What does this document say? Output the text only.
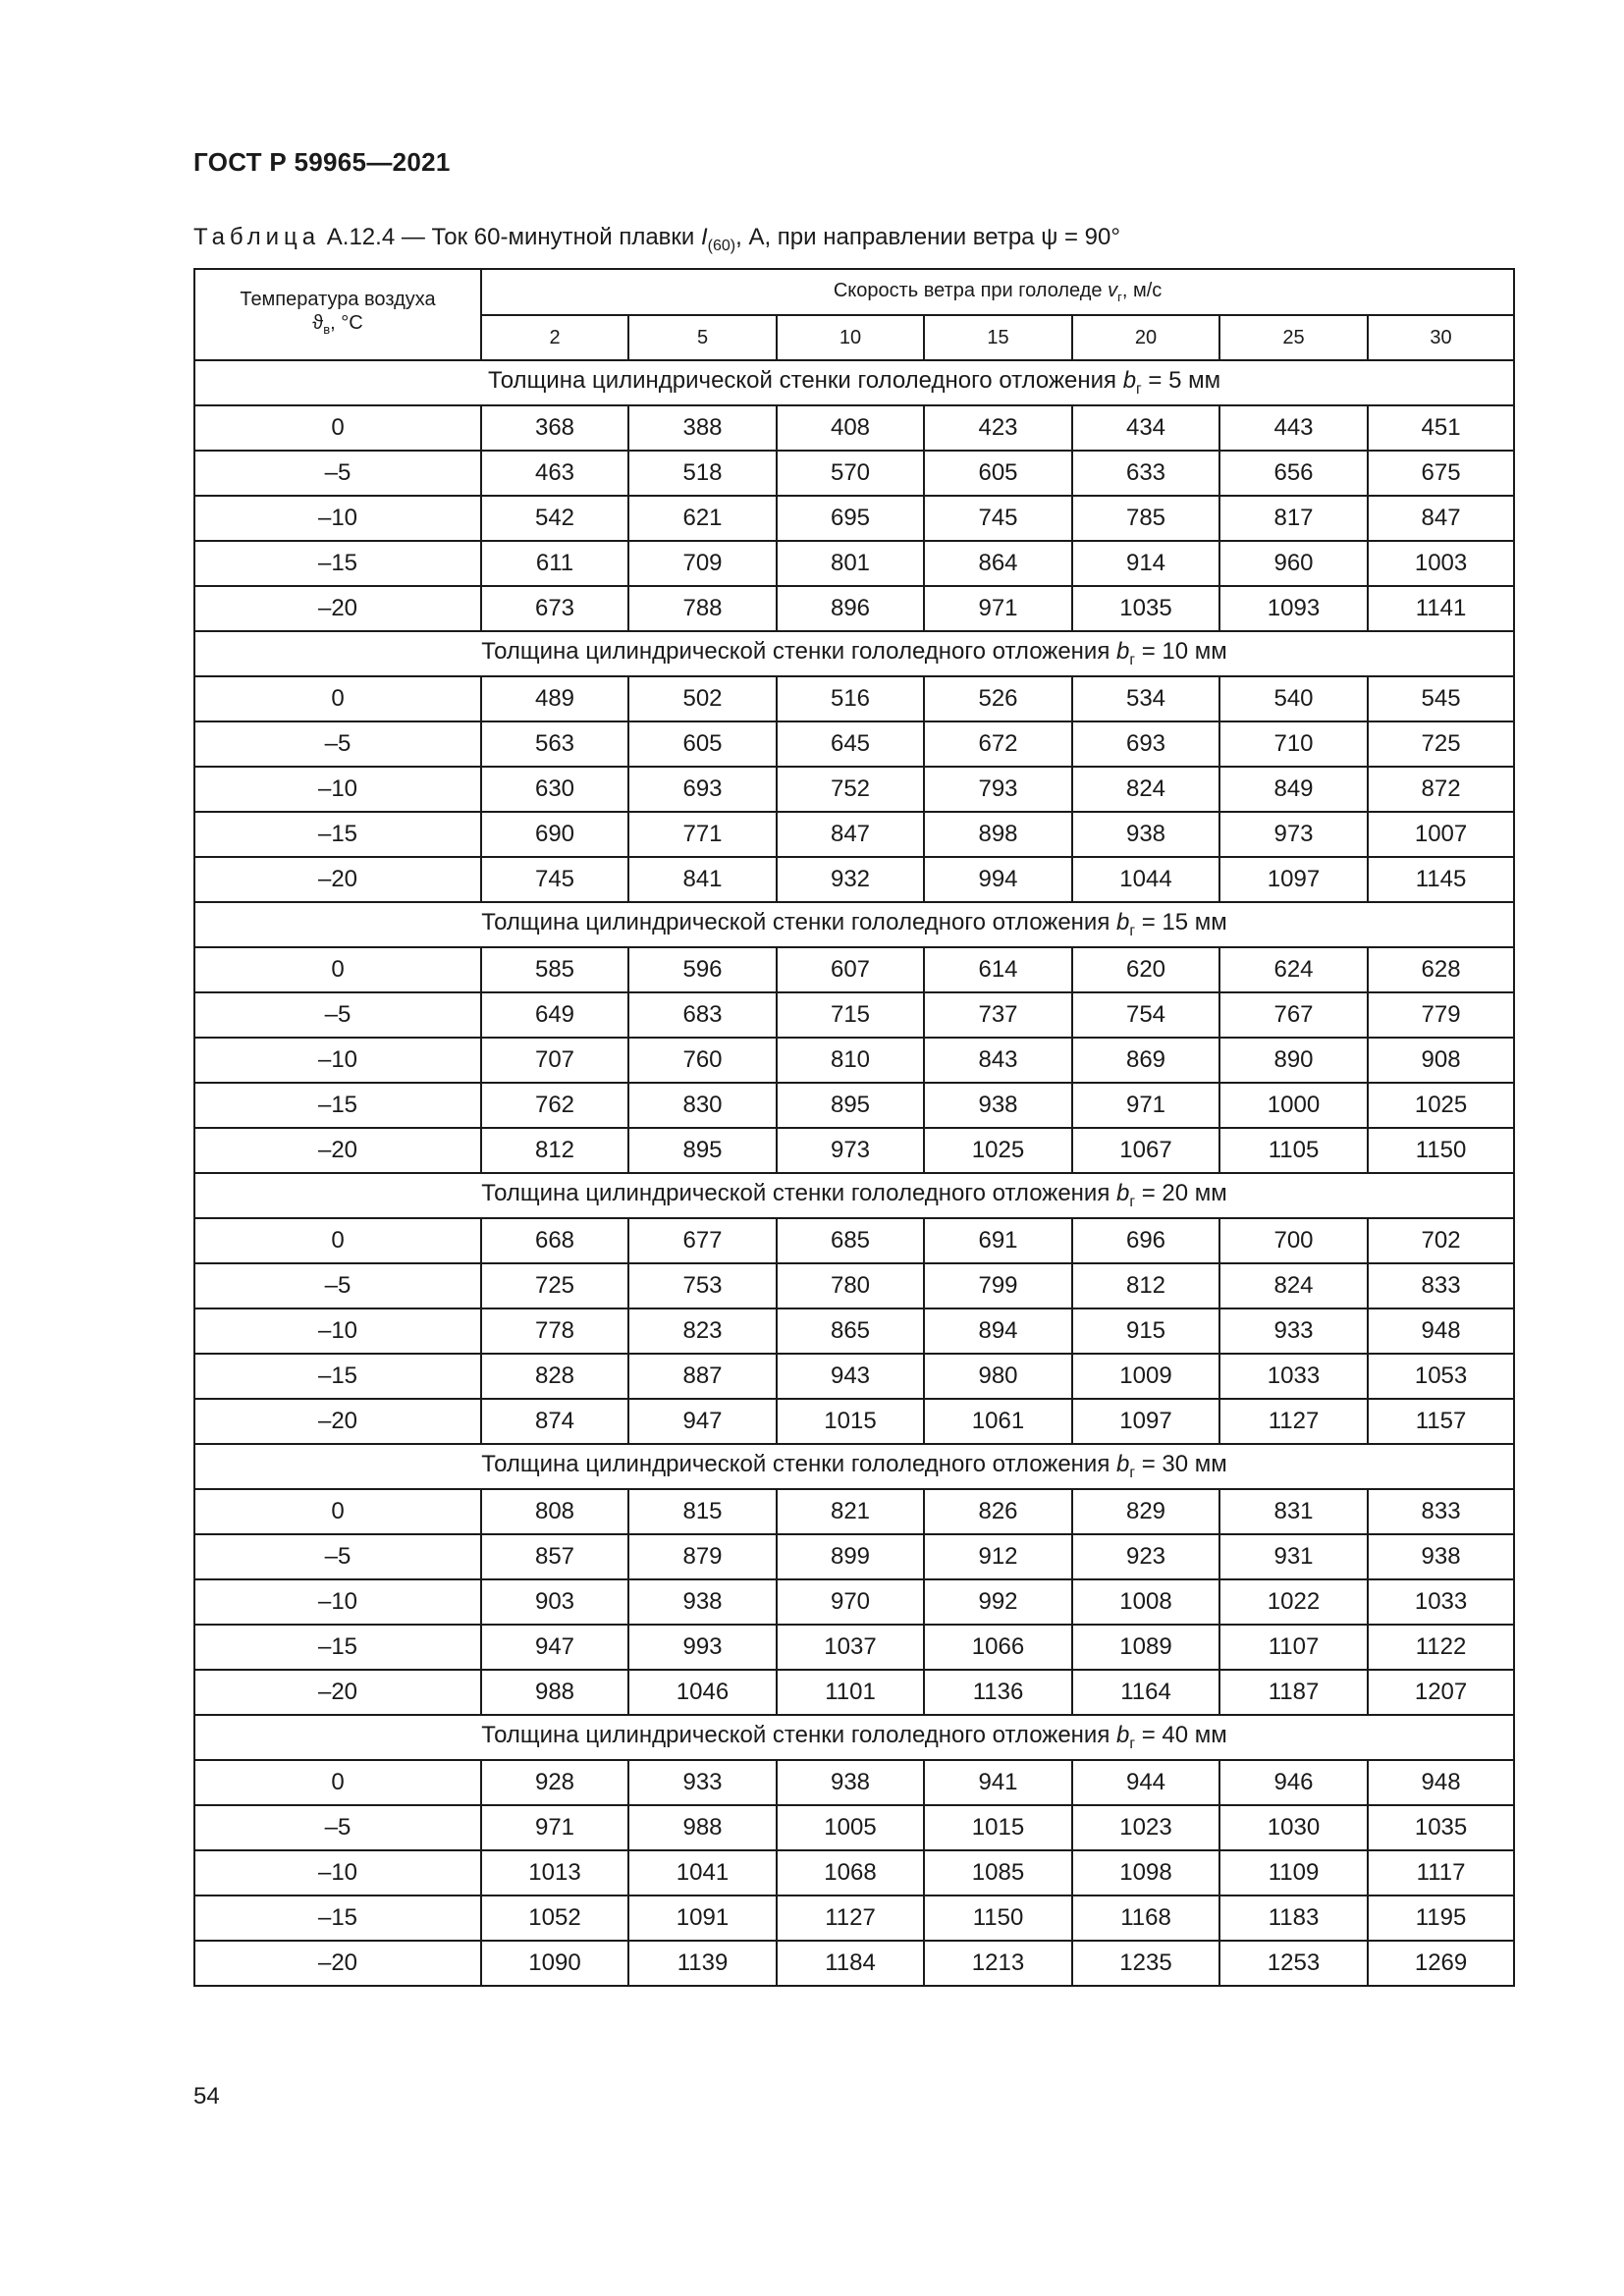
ГОСТ Р 59965—2021
Таблица А.12.4 — Ток 60-минутной плавки $I_{(60)}$, А, при направлении ветра ψ = 90°
Температура воздуха
$ϑ_в$, °С	Скорость ветра при гололеде $v_г$, м/с						
	2	5	10	15	20	25	30
Толщина цилиндрической стенки гололедного отложения $b_г = 5$ мм							
0	368	388	408	423	434	443	451
–5	463	518	570	605	633	656	675
–10	542	621	695	745	785	817	847
–15	611	709	801	864	914	960	1003
–20	673	788	896	971	1035	1093	1141
Толщина цилиндрической стенки гололедного отложения $b_г = 10$ мм							
0	489	502	516	526	534	540	545
–5	563	605	645	672	693	710	725
–10	630	693	752	793	824	849	872
–15	690	771	847	898	938	973	1007
–20	745	841	932	994	1044	1097	1145
Толщина цилиндрической стенки гололедного отложения $b_г = 15$ мм							
0	585	596	607	614	620	624	628
–5	649	683	715	737	754	767	779
–10	707	760	810	843	869	890	908
–15	762	830	895	938	971	1000	1025
–20	812	895	973	1025	1067	1105	1150
Толщина цилиндрической стенки гололедного отложения $b_г = 20$ мм							
0	668	677	685	691	696	700	702
–5	725	753	780	799	812	824	833
–10	778	823	865	894	915	933	948
–15	828	887	943	980	1009	1033	1053
–20	874	947	1015	1061	1097	1127	1157
Толщина цилиндрической стенки гололедного отложения $b_г = 30$ мм							
0	808	815	821	826	829	831	833
–5	857	879	899	912	923	931	938
–10	903	938	970	992	1008	1022	1033
–15	947	993	1037	1066	1089	1107	1122
–20	988	1046	1101	1136	1164	1187	1207
Толщина цилиндрической стенки гололедного отложения $b_г = 40$ мм							
0	928	933	938	941	944	946	948
–5	971	988	1005	1015	1023	1030	1035
–10	1013	1041	1068	1085	1098	1109	1117
–15	1052	1091	1127	1150	1168	1183	1195
–20	1090	1139	1184	1213	1235	1253	1269
54
